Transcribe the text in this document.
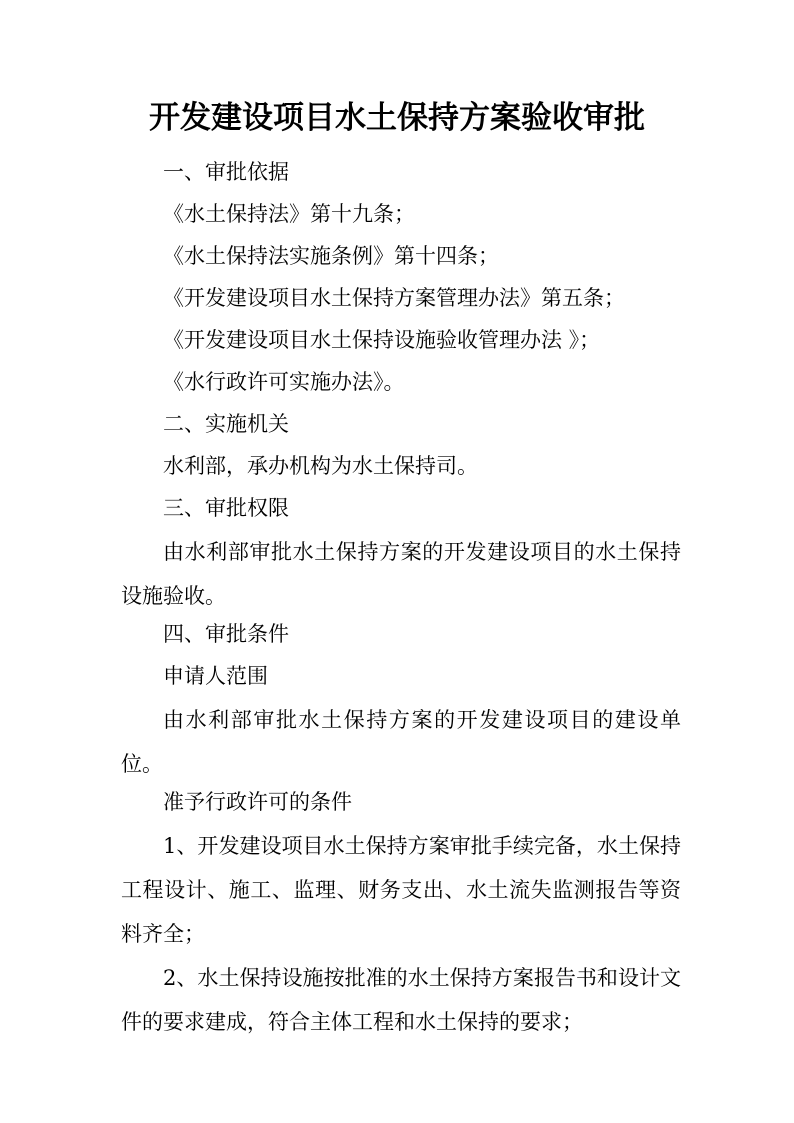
开发建设项目水土保持方案验收审批
一、审批依据
《水土保持法》第十九条；
《水土保持法实施条例》第十四条；
《开发建设项目水土保持方案管理办法》第五条；
《开发建设项目水土保持设施验收管理办法 》；
《水行政许可实施办法》。
二、实施机关
水利部，承办机构为水土保持司。
三、审批权限
由水利部审批水土保持方案的开发建设项目的水土保持设施验收。
四、审批条件
申请人范围
由水利部审批水土保持方案的开发建设项目的建设单位。
准予行政许可的条件
1、开发建设项目水土保持方案审批手续完备，水土保持工程设计、施工、监理、财务支出、水土流失监测报告等资料齐全；
2、水土保持设施按批准的水土保持方案报告书和设计文件的要求建成，符合主体工程和水土保持的要求；
